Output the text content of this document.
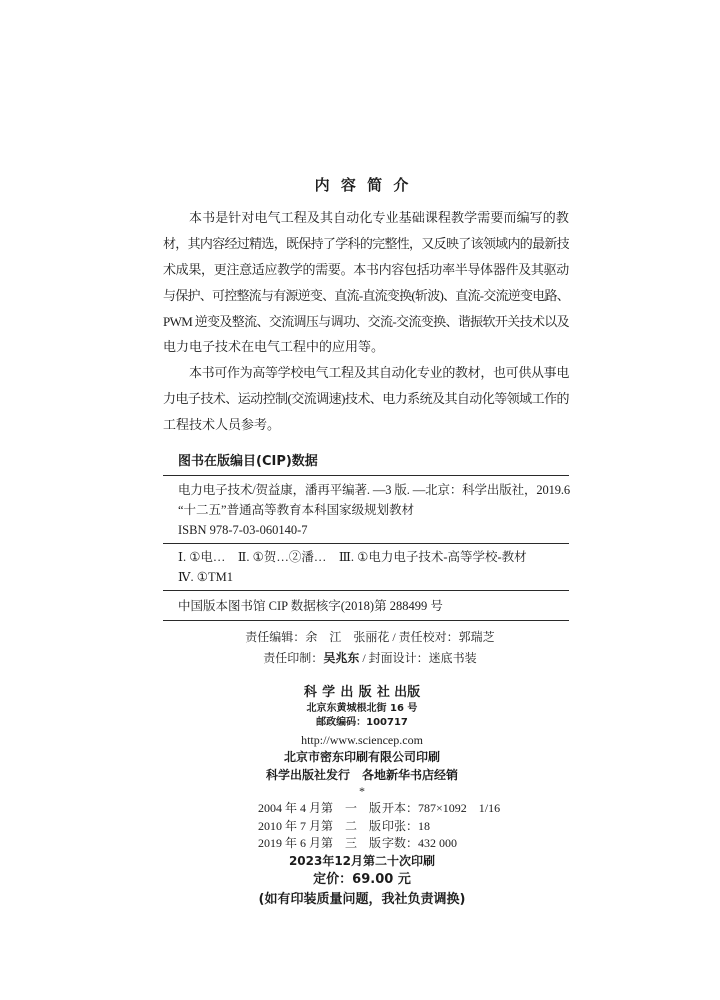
内 容 简 介
本书是针对电气工程及其自动化专业基础课程教学需要而编写的教
材，其内容经过精选，既保持了学科的完整性，又反映了该领域内的最新技
术成果，更注意适应教学的需要。本书内容包括功率半导体器件及其驱动
与保护、可控整流与有源逆变、直流-直流变换(斩波)、直流-交流逆变电路、
PWM 逆变及整流、交流调压与调功、交流-交流变换、谐振软开关技术以及
电力电子技术在电气工程中的应用等。
本书可作为高等学校电气工程及其自动化专业的教材，也可供从事电
力电子技术、运动控制(交流调速)技术、电力系统及其自动化等领域工作的
工程技术人员参考。
图书在版编目(CIP)数据
电力电子技术/贺益康，潘再平编著. —3 版. —北京：科学出版社，2019.6
“十二五”普通高等教育本科国家级规划教材
ISBN 978-7-03-060140-7
Ⅰ. ①电…　Ⅱ. ①贺…②潘…　Ⅲ. ①电力电子技术-高等学校-教材
Ⅳ. ①TM1
中国版本图书馆 CIP 数据核字(2018)第 288499 号
责任编辑：余　江　张丽花 / 责任校对：郭瑞芝
责任印制：吴兆东 / 封面设计：迷底书装
科 学 出 版 社 出版
北京东黄城根北街 16 号
邮政编码：100717
http://www.sciencep.com
北京市密东印刷有限公司印刷
科学出版社发行　各地新华书店经销
*
2004 年 4 月第　一　版开本：787×1092　1/16
2010 年 7 月第　二　版印张：18
2019 年 6 月第　三　版字数：432 000
2023年12月第二十次印刷
定价：69.00 元
(如有印装质量问题，我社负责调换)
